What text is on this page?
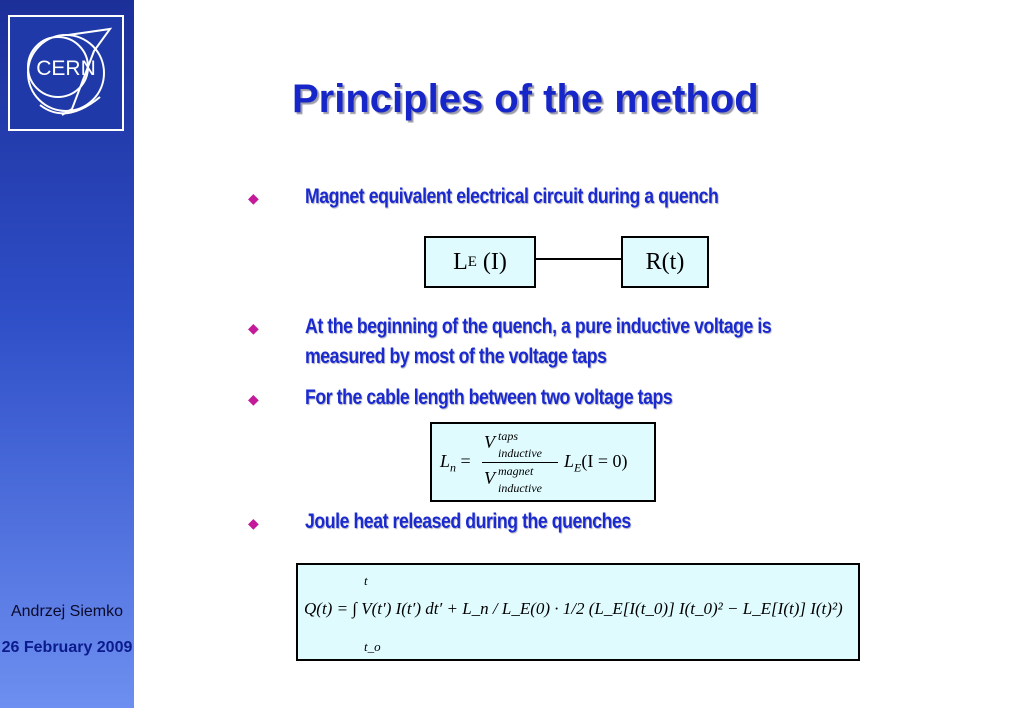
CERN
Andrzej Siemko
26 February 2009
Principles of the method
◆ Magnet equivalent electrical circuit during a quench
L E (I)	R(t)
◆ At the beginning of the quench, a pure inductive voltage is measured by most of the voltage taps
◆ For the cable length between two voltage taps
$L_n$ =
V taps
inductive
V magnet
inductive
$L_E(I = 0)$
◆ Joule heat released during the quenches
t
t_o
Q(t) = ∫ V(t′) I(t′) dt′ + L_n / L_E(0) · 1/2 (L_E[I(t_0)] I(t_0)² − L_E[I(t)] I(t)²)
